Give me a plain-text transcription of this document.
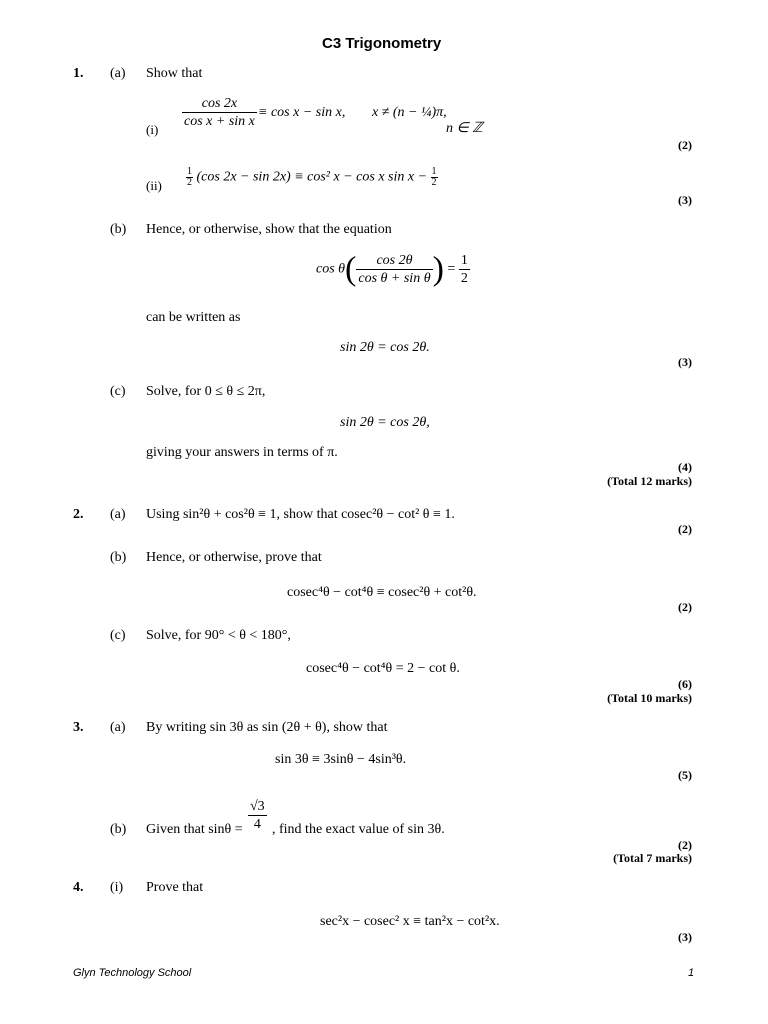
C3 Trigonometry
1. (a) Show that
$(i) \frac{\cos 2x}{\text{cos x + sin x}} \equiv \cos x - \sin x$, x ≠ (n − ¼)π,
n ∈ ℤ
(2)
$(ii) \frac{1}{2} (\cos$ 2x − sin 2x) ≡ cos² x − cos x $\sin x - \frac{1}{2}$
(3)
(b) Hence, or otherwise, show that the equation
$\cos \theta( \frac{\cos 2\theta}{\text{cos θ + sin θ}}$ ) = $\frac{1}{2}$
can be written as
sin 2θ = cos 2θ.
(3)
(c) Solve, for 0 ≤ θ ≤ 2π,
sin 2θ = cos 2θ,
giving your answers in terms of π.
(4)
(Total 12 marks)
2. (a) Using sin²θ + cos²θ ≡ 1, show that cosec²θ − cot² θ ≡ 1.
(2)
(b) Hence, or otherwise, prove that
cosec⁴θ − cot⁴θ ≡ cosec²θ + cot²θ.
(2)
(c) Solve, for 90° < θ < 180°,
cosec⁴θ − cot⁴θ = 2 − cot θ.
(6)
(Total 10 marks)
3. (a) By writing sin 3θ as sin (2θ + θ), show that
sin 3θ ≡ 3sinθ − 4sin³θ.
(5)
(b) Given that $\sin\theta = \frac{√3}{4}$ , find the exact value of sin 3θ.
(2)
(Total 7 marks)
4. (i) Prove that
sec²x − cosec² x ≡ tan²x − cot²x.
(3)
Glyn Technology School	1
